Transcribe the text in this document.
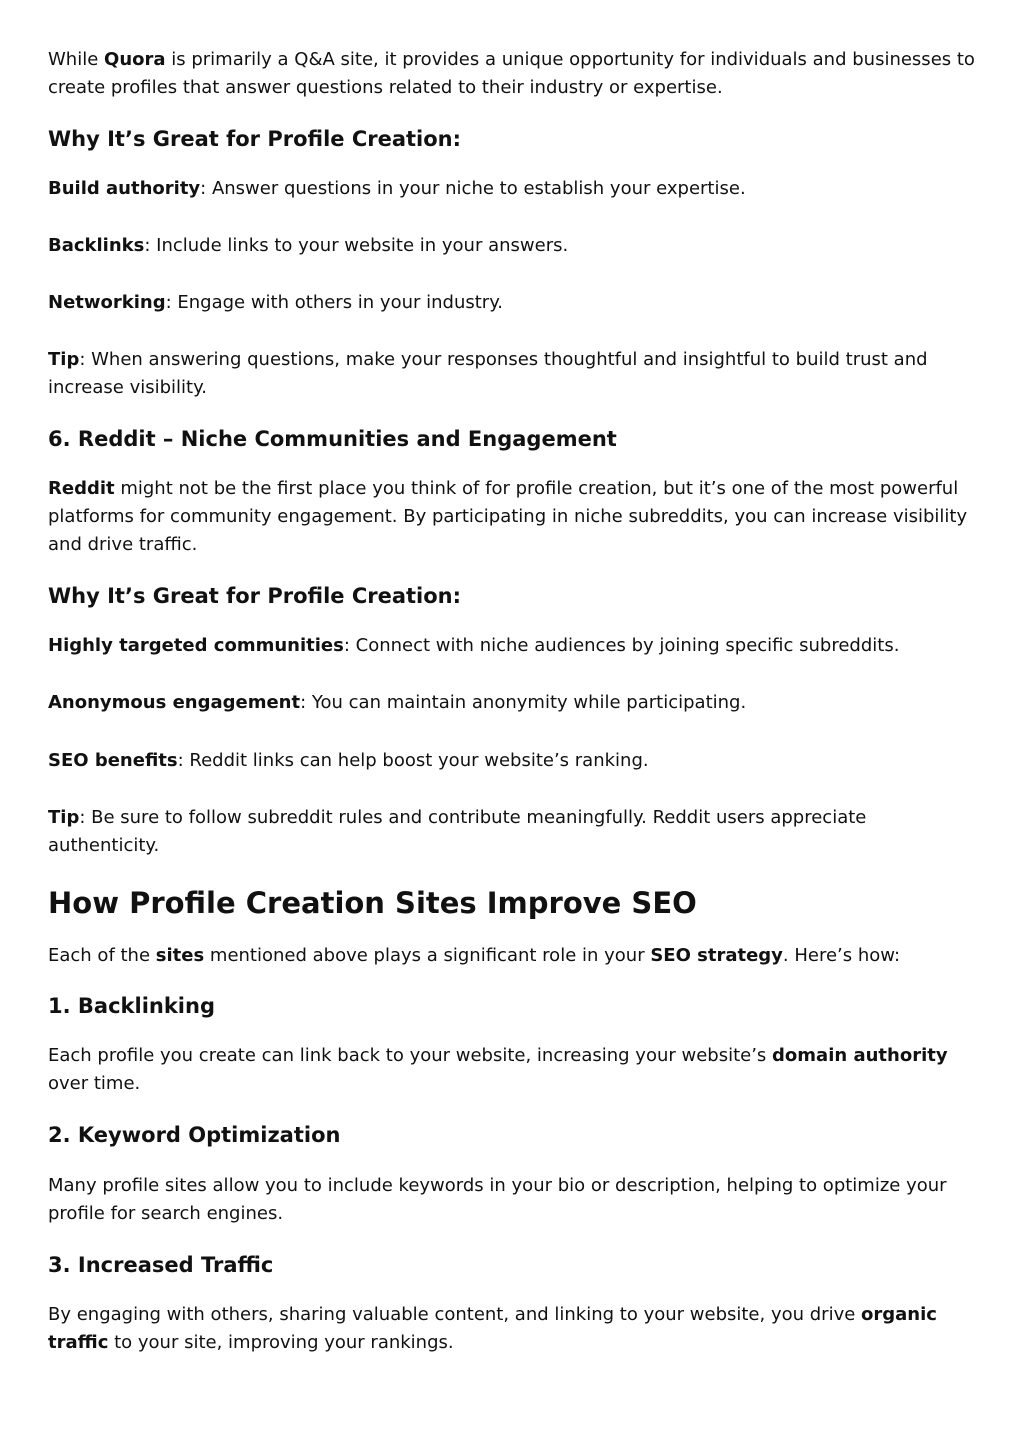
While Quora is primarily a Q&A site, it provides a unique opportunity for individuals and businesses to create profiles that answer questions related to their industry or expertise.

Why It’s Great for Profile Creation:

Build authority: Answer questions in your niche to establish your expertise.

Backlinks: Include links to your website in your answers.

Networking: Engage with others in your industry.

Tip: When answering questions, make your responses thoughtful and insightful to build trust and increase visibility.

6. Reddit – Niche Communities and Engagement

Reddit might not be the first place you think of for profile creation, but it’s one of the most powerful platforms for community engagement. By participating in niche subreddits, you can increase visibility and drive traffic.

Why It’s Great for Profile Creation:

Highly targeted communities: Connect with niche audiences by joining specific subreddits.

Anonymous engagement: You can maintain anonymity while participating.

SEO benefits: Reddit links can help boost your website’s ranking.

Tip: Be sure to follow subreddit rules and contribute meaningfully. Reddit users appreciate authenticity.

How Profile Creation Sites Improve SEO

Each of the sites mentioned above plays a significant role in your SEO strategy. Here’s how:

1. Backlinking

Each profile you create can link back to your website, increasing your website’s domain authority over time.

2. Keyword Optimization

Many profile sites allow you to include keywords in your bio or description, helping to optimize your profile for search engines.

3. Increased Traffic

By engaging with others, sharing valuable content, and linking to your website, you drive organic traffic to your site, improving your rankings.
